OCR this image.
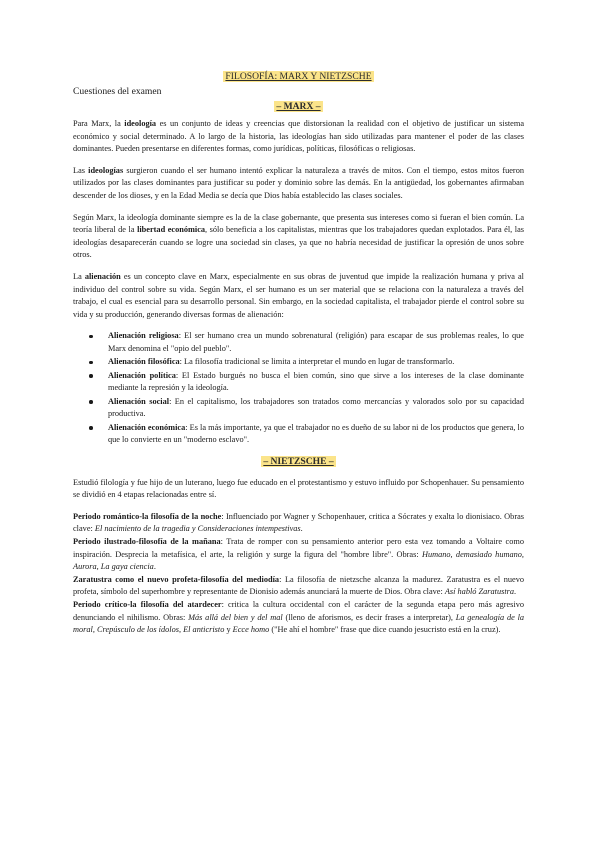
FILOSOFÍA: MARX Y NIETZSCHE
Cuestiones del examen
– MARX –

Para Marx, la ideología es un conjunto de ideas y creencias que distorsionan la realidad con el objetivo de justificar un sistema económico y social determinado. A lo largo de la historia, las ideologías han sido utilizadas para mantener el poder de las clases dominantes. Pueden presentarse en diferentes formas, como jurídicas, políticas, filosóficas o religiosas.

Las ideologías surgieron cuando el ser humano intentó explicar la naturaleza a través de mitos. Con el tiempo, estos mitos fueron utilizados por las clases dominantes para justificar su poder y dominio sobre las demás. En la antigüedad, los gobernantes afirmaban descender de los dioses, y en la Edad Media se decía que Dios había establecido las clases sociales.

Según Marx, la ideología dominante siempre es la de la clase gobernante, que presenta sus intereses como si fueran el bien común. La teoría liberal de la libertad económica, sólo beneficia a los capitalistas, mientras que los trabajadores quedan explotados. Para él, las ideologías desaparecerán cuando se logre una sociedad sin clases, ya que no habría necesidad de justificar la opresión de unos sobre otros.

La alienación es un concepto clave en Marx, especialmente en sus obras de juventud que impide la realización humana y priva al individuo del control sobre su vida. Según Marx, el ser humano es un ser material que se relaciona con la naturaleza a través del trabajo, el cual es esencial para su desarrollo personal. Sin embargo, en la sociedad capitalista, el trabajador pierde el control sobre su vida y su producción, generando diversas formas de alienación:

Alienación religiosa: El ser humano crea un mundo sobrenatural (religión) para escapar de sus problemas reales, lo que Marx denomina el "opio del pueblo".
Alienación filosófica: La filosofía tradicional se limita a interpretar el mundo en lugar de transformarlo.
Alienación política: El Estado burgués no busca el bien común, sino que sirve a los intereses de la clase dominante mediante la represión y la ideología.
Alienación social: En el capitalismo, los trabajadores son tratados como mercancías y valorados solo por su capacidad productiva.
Alienación económica: Es la más importante, ya que el trabajador no es dueño de su labor ni de los productos que genera, lo que lo convierte en un "moderno esclavo".
– NIETZSCHE –

Estudió filología y fue hijo de un luterano, luego fue educado en el protestantismo y estuvo influido por Schopenhauer. Su pensamiento se dividió en 4 etapas relacionadas entre sí.

Periodo romántico-la filosofía de la noche: Influenciado por Wagner y Schopenhauer, critica a Sócrates y exalta lo dionisiaco. Obras clave: El nacimiento de la tragedia y Consideraciones intempestivas.

Periodo ilustrado-filosofía de la mañana: Trata de romper con su pensamiento anterior pero esta vez tomando a Voltaire como inspiración. Desprecia la metafísica, el arte, la religión y surge la figura del "hombre libre". Obras: Humano, demasiado humano, Aurora, La gaya ciencia.

Zaratustra como el nuevo profeta-filosofía del mediodía: La filosofía de nietzsche alcanza la madurez. Zaratustra es el nuevo profeta, símbolo del superhombre y representante de Dionisio además anunciará la muerte de Dios. Obra clave: Así habló Zaratustra.

Periodo crítico-la filosofía del atardecer: critica la cultura occidental con el carácter de la segunda etapa pero más agresivo denunciando el nihilismo. Obras: Más allá del bien y del mal (lleno de aforismos, es decir frases a interpretar), La genealogía de la moral, Crepúsculo de los ídolos, El anticristo y Ecce homo ("He ahí el hombre" frase que dice cuando jesucristo está en la cruz).
